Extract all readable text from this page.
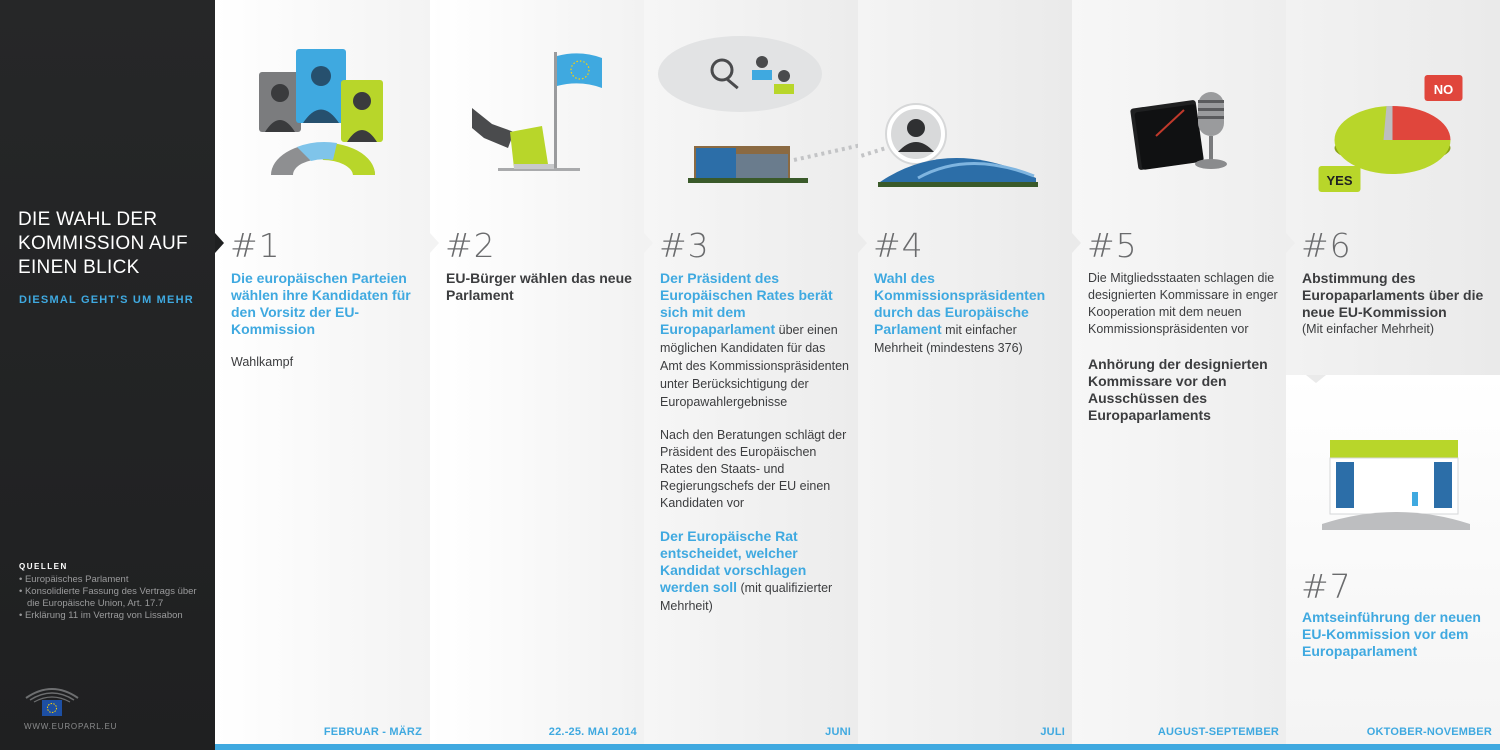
DIE WAHL DER
KOMMISSION AUF
EINEN BLICK
DIESMAL GEHT'S UM MEHR
QUELLEN
• Europäisches Parlament
• Konsolidierte Fassung des Vertrags über die Europäische Union, Art. 17.7
• Erklärung 11 im Vertrag von Lissabon
WWW.EUROPARL.EU
#1
Die europäischen Parteien wählen ihre Kandidaten für den Vorsitz der EU-Kommission
Wahlkampf
FEBRUAR - MÄRZ
#2
EU-Bürger wählen das neue Parlament
22.-25. MAI 2014
#3
Der Präsident des Europäischen Rates berät sich mit dem Europaparlament über einen möglichen Kandidaten für das Amt des Kommissionspräsidenten unter Berücksichtigung der Europawahlergebnisse
Nach den Beratungen schlägt der Präsident des Europäischen Rates den Staats- und Regierungschefs der EU einen Kandidaten vor
Der Europäische Rat entscheidet, welcher Kandidat vorschlagen werden soll (mit qualifizierter Mehrheit)
JUNI
#4
Wahl des Kommissionspräsidenten durch das Europäische Parlament mit einfacher Mehrheit (mindestens 376)
JULI
#5
Die Mitgliedsstaaten schlagen die designierten Kommissare in enger Kooperation mit dem neuen Kommissionspräsidenten vor
Anhörung der designierten Kommissare vor den Ausschüssen des Europaparlaments
AUGUST-SEPTEMBER
NO
YES
#6
Abstimmung des Europaparlaments über die neue EU-Kommission
(Mit einfacher Mehrheit)
#7
Amtseinführung der neuen EU-Kommission vor dem Europaparlament
OKTOBER-NOVEMBER
